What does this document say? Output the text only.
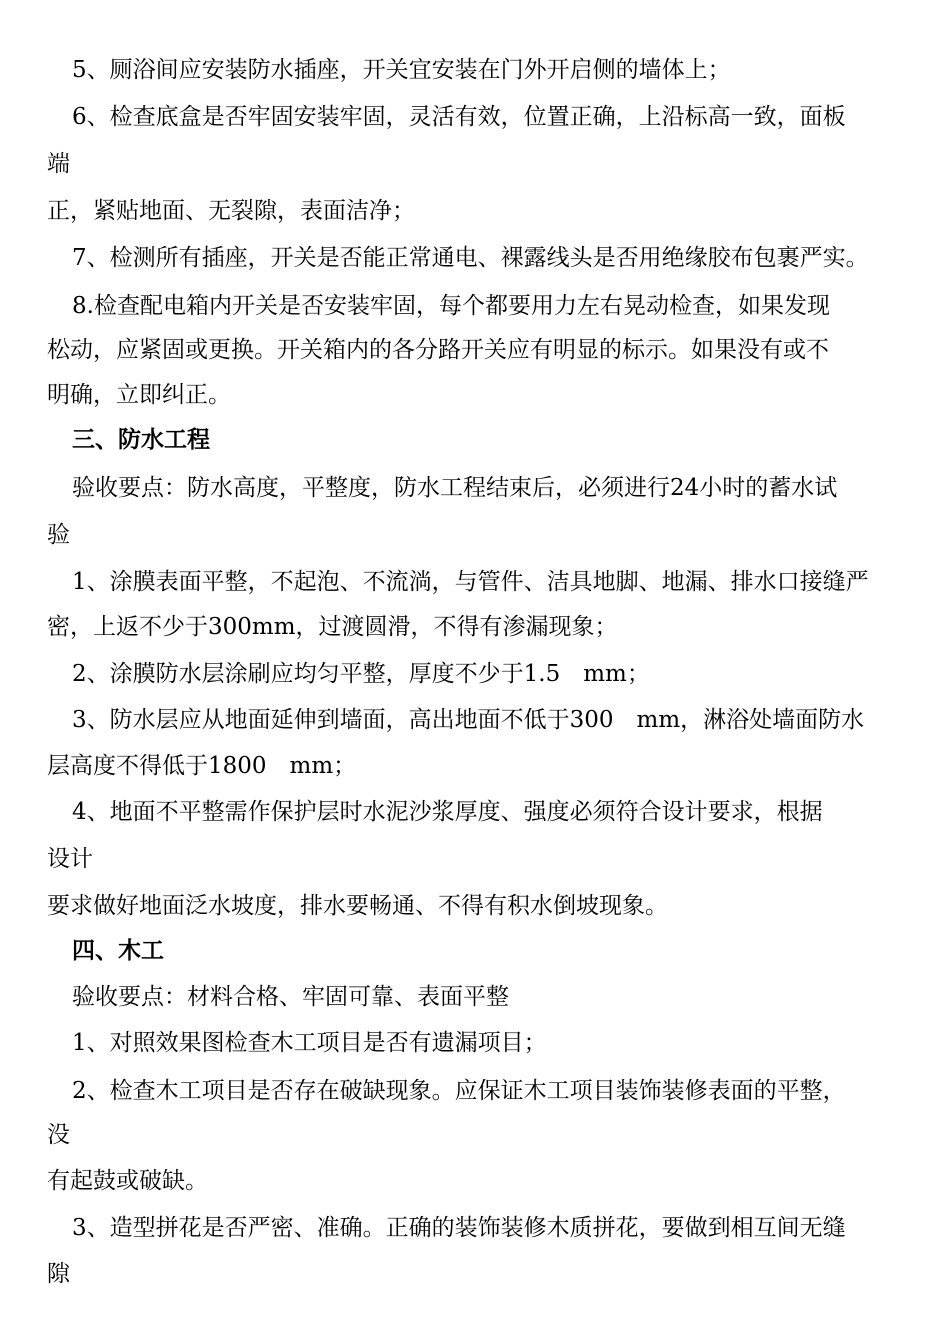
5、厕浴间应安装防水插座，开关宜安装在门外开启侧的墙体上；
6、检查底盒是否牢固安装牢固，灵活有效，位置正确，上沿标高一致，面板
端
正，紧贴地面、无裂隙，表面洁净；
7、检测所有插座，开关是否能正常通电、裸露线头是否用绝缘胶布包裹严实。
8.检查配电箱内开关是否安装牢固，每个都要用力左右晃动检查，如果发现
松动，应紧固或更换。开关箱内的各分路开关应有明显的标示。如果没有或不
明确，立即纠正。
三、防水工程
验收要点：防水高度，平整度，防水工程结束后，必须进行24小时的蓄水试
验
1、涂膜表面平整，不起泡、不流淌，与管件、洁具地脚、地漏、排水口接缝严
密，上返不少于300mm，过渡圆滑，不得有渗漏现象；
2、涂膜防水层涂刷应均匀平整，厚度不少于1.5　mm；
3、防水层应从地面延伸到墙面，高出地面不低于300　mm，淋浴处墙面防水
层高度不得低于1800　mm；
4、地面不平整需作保护层时水泥沙浆厚度、强度必须符合设计要求，根据
设计
要求做好地面泛水坡度，排水要畅通、不得有积水倒坡现象。
四、木工
验收要点：材料合格、牢固可靠、表面平整
1、对照效果图检查木工项目是否有遗漏项目；
2、检查木工项目是否存在破缺现象。应保证木工项目装饰装修表面的平整，
没
有起鼓或破缺。
3、造型拼花是否严密、准确。正确的装饰装修木质拼花，要做到相互间无缝
隙
